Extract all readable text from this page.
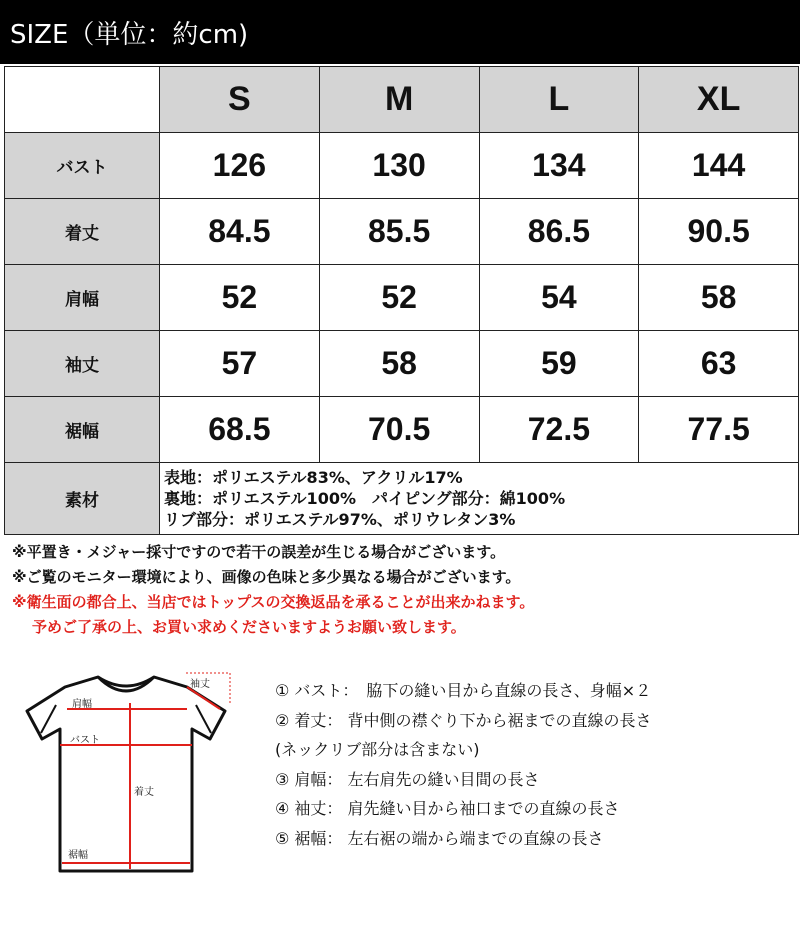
SIZE（単位：約cm)
	S	M	L	XL
バスト	126	130	134	144
着丈	84.5	85.5	86.5	90.5
肩幅	52	52	54	58
袖丈	57	58	59	63
裾幅	68.5	70.5	72.5	77.5
素材	表地：ポリエステル83%、アクリル17%
裏地：ポリエステル100%　パイピング部分：綿100%
リブ部分：ポリエステル97%、ポリウレタン3%			
※平置き・メジャー採寸ですので若干の誤差が生じる場合がございます。
※ご覧のモニター環境により、画像の色味と多少異なる場合がございます。
※衛生面の都合上、当店ではトップスの交換返品を承ることが出来かねます。
予めご了承の上、お買い求めくださいますようお願い致します。
肩幅
袖丈
バスト
着丈
裾幅
① バスト：　脇下の縫い目から直線の長さ、身幅×２
② 着丈： 背中側の襟ぐり下から裾までの直線の長さ
(ネックリブ部分は含まない)
③ 肩幅： 左右肩先の縫い目間の長さ
④ 袖丈： 肩先縫い目から袖口までの直線の長さ
⑤ 裾幅： 左右裾の端から端までの直線の長さ
